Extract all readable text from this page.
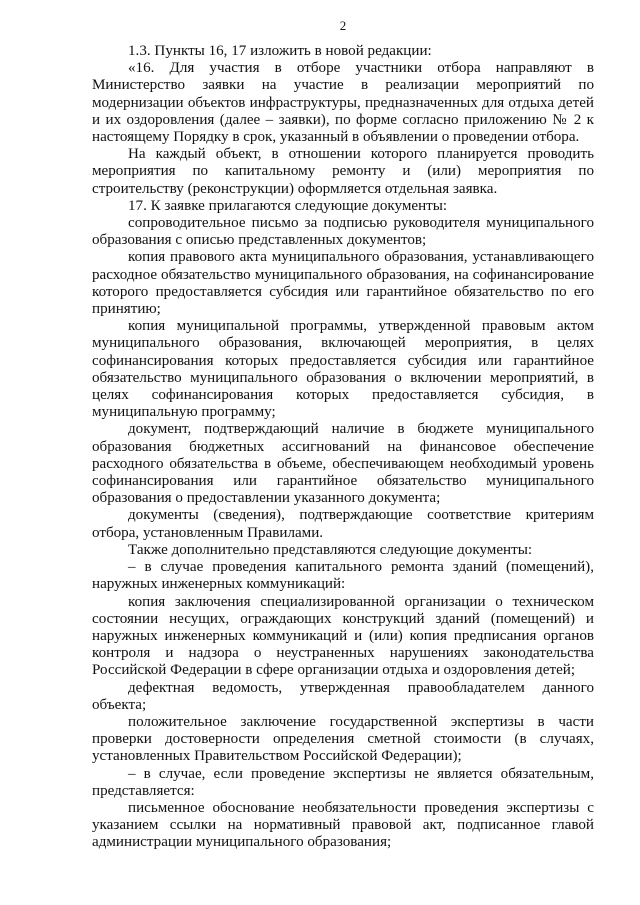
2

1.3. Пункты 16, 17 изложить в новой редакции:

«16. Для участия в отборе участники отбора направляют в Министерство заявки на участие в реализации мероприятий по модернизации объектов инфраструктуры, предназначенных для отдыха детей и их оздоровления (далее – заявки), по форме согласно приложению № 2 к настоящему Порядку в срок, указанный в объявлении о проведении отбора.

На каждый объект, в отношении которого планируется проводить мероприятия по капитальному ремонту и (или) мероприятия по строительству (реконструкции) оформляется отдельная заявка.

17. К заявке прилагаются следующие документы:

сопроводительное письмо за подписью руководителя муниципального образования с описью представленных документов;

копия правового акта муниципального образования, устанавливающего расходное обязательство муниципального образования, на софинансирование которого предоставляется субсидия или гарантийное обязательство по его принятию;

копия муниципальной программы, утвержденной правовым актом муниципального образования, включающей мероприятия, в целях софинансирования которых предоставляется субсидия или гарантийное обязательство муниципального образования о включении мероприятий, в целях софинансирования которых предоставляется субсидия, в муниципальную программу;

документ, подтверждающий наличие в бюджете муниципального образования бюджетных ассигнований на финансовое обеспечение расходного обязательства в объеме, обеспечивающем необходимый уровень софинансирования или гарантийное обязательство муниципального образования о предоставлении указанного документа;

документы (сведения), подтверждающие соответствие критериям отбора, установленным Правилами.

Также дополнительно представляются следующие документы:

– в случае проведения капитального ремонта зданий (помещений), наружных инженерных коммуникаций:

копия заключения специализированной организации о техническом состоянии несущих, ограждающих конструкций зданий (помещений) и наружных инженерных коммуникаций и (или) копия предписания органов контроля и надзора о неустраненных нарушениях законодательства Российской Федерации в сфере организации отдыха и оздоровления детей;

дефектная ведомость, утвержденная правообладателем данного объекта;

положительное заключение государственной экспертизы в части проверки достоверности определения сметной стоимости (в случаях, установленных Правительством Российской Федерации);

– в случае, если проведение экспертизы не является обязательным, представляется:

письменное обоснование необязательности проведения экспертизы с указанием ссылки на нормативный правовой акт, подписанное главой администрации муниципального образования;
